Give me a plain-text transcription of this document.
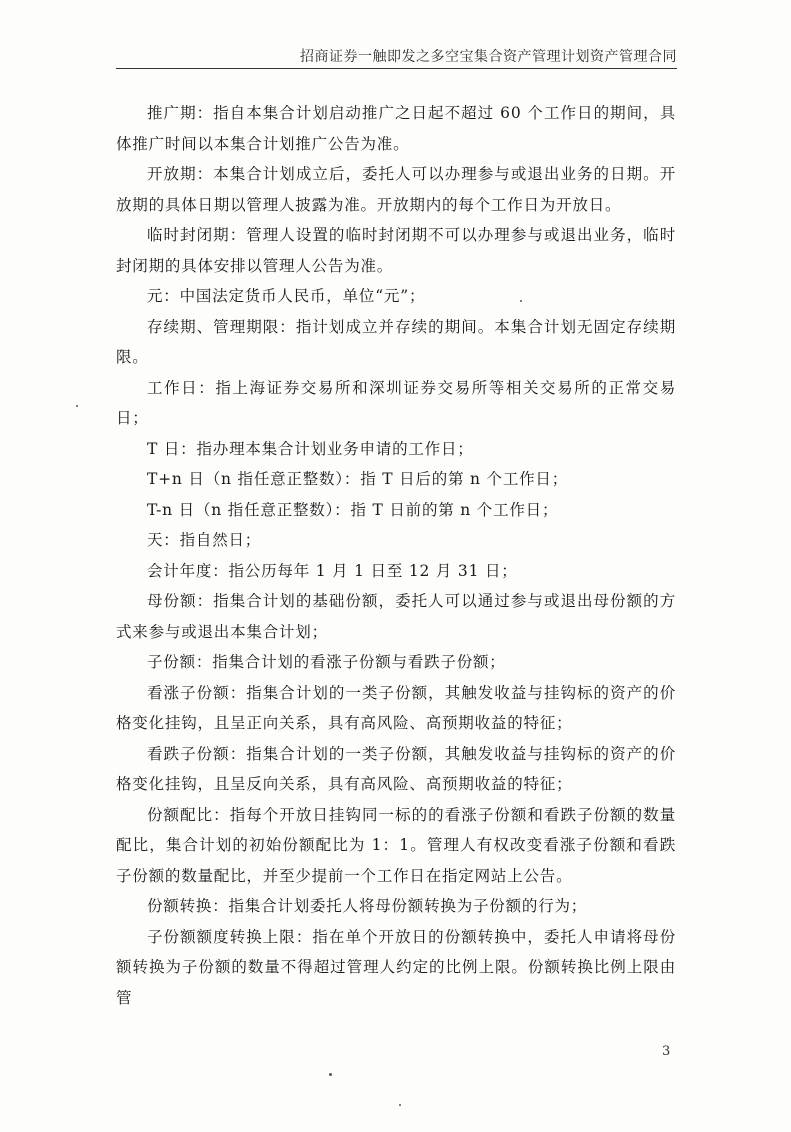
招商证券一触即发之多空宝集合资产管理计划资产管理合同

推广期：指自本集合计划启动推广之日起不超过 60 个工作日的期间，具体推广时间以本集合计划推广公告为准。

开放期：本集合计划成立后，委托人可以办理参与或退出业务的日期。开放期的具体日期以管理人披露为准。开放期内的每个工作日为开放日。

临时封闭期：管理人设置的临时封闭期不可以办理参与或退出业务，临时封闭期的具体安排以管理人公告为准。

元：中国法定货币人民币，单位“元”；

存续期、管理期限：指计划成立并存续的期间。本集合计划无固定存续期限。

工作日：指上海证券交易所和深圳证券交易所等相关交易所的正常交易日；

T 日：指办理本集合计划业务申请的工作日；

T+n 日（n 指任意正整数）：指 T 日后的第 n 个工作日；

T-n 日（n 指任意正整数）：指 T 日前的第 n 个工作日；

天：指自然日；

会计年度：指公历每年 1 月 1 日至 12 月 31 日；

母份额：指集合计划的基础份额，委托人可以通过参与或退出母份额的方式来参与或退出本集合计划；

子份额：指集合计划的看涨子份额与看跌子份额；

看涨子份额：指集合计划的一类子份额，其触发收益与挂钩标的资产的价格变化挂钩，且呈正向关系，具有高风险、高预期收益的特征；

看跌子份额：指集合计划的一类子份额，其触发收益与挂钩标的资产的价格变化挂钩，且呈反向关系，具有高风险、高预期收益的特征；

份额配比：指每个开放日挂钩同一标的的看涨子份额和看跌子份额的数量配比，集合计划的初始份额配比为 1：1。管理人有权改变看涨子份额和看跌子份额的数量配比，并至少提前一个工作日在指定网站上公告。

份额转换：指集合计划委托人将母份额转换为子份额的行为；

子份额额度转换上限：指在单个开放日的份额转换中，委托人申请将母份额转换为子份额的数量不得超过管理人约定的比例上限。份额转换比例上限由管

3
